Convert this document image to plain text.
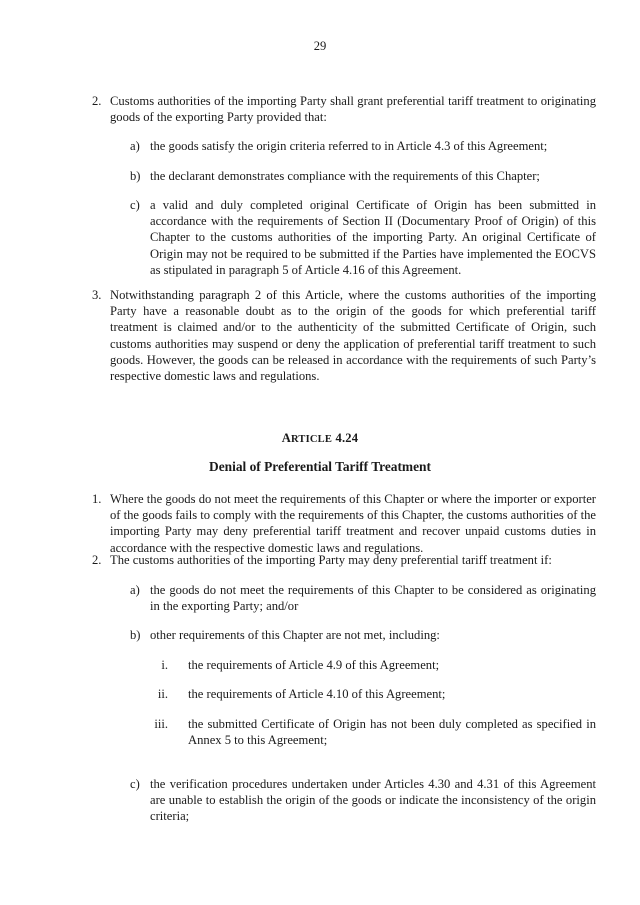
29
2. Customs authorities of the importing Party shall grant preferential tariff treatment to originating goods of the exporting Party provided that:
a) the goods satisfy the origin criteria referred to in Article 4.3 of this Agreement;
b) the declarant demonstrates compliance with the requirements of this Chapter;
c) a valid and duly completed original Certificate of Origin has been submitted in accordance with the requirements of Section II (Documentary Proof of Origin) of this Chapter to the customs authorities of the importing Party. An original Certificate of Origin may not be required to be submitted if the Parties have implemented the EOCVS as stipulated in paragraph 5 of Article 4.16 of this Agreement.
3. Notwithstanding paragraph 2 of this Article, where the customs authorities of the importing Party have a reasonable doubt as to the origin of the goods for which preferential tariff treatment is claimed and/or to the authenticity of the submitted Certificate of Origin, such customs authorities may suspend or deny the application of preferential tariff treatment to such goods. However, the goods can be released in accordance with the requirements of such Party’s respective domestic laws and regulations.
ARTICLE 4.24
Denial of Preferential Tariff Treatment
1. Where the goods do not meet the requirements of this Chapter or where the importer or exporter of the goods fails to comply with the requirements of this Chapter, the customs authorities of the importing Party may deny preferential tariff treatment and recover unpaid customs duties in accordance with the respective domestic laws and regulations.
2. The customs authorities of the importing Party may deny preferential tariff treatment if:
a) the goods do not meet the requirements of this Chapter to be considered as originating in the exporting Party; and/or
b) other requirements of this Chapter are not met, including:
i. the requirements of Article 4.9 of this Agreement;
ii. the requirements of Article 4.10 of this Agreement;
iii. the submitted Certificate of Origin has not been duly completed as specified in Annex 5 to this Agreement;
c) the verification procedures undertaken under Articles 4.30 and 4.31 of this Agreement are unable to establish the origin of the goods or indicate the inconsistency of the origin criteria;
